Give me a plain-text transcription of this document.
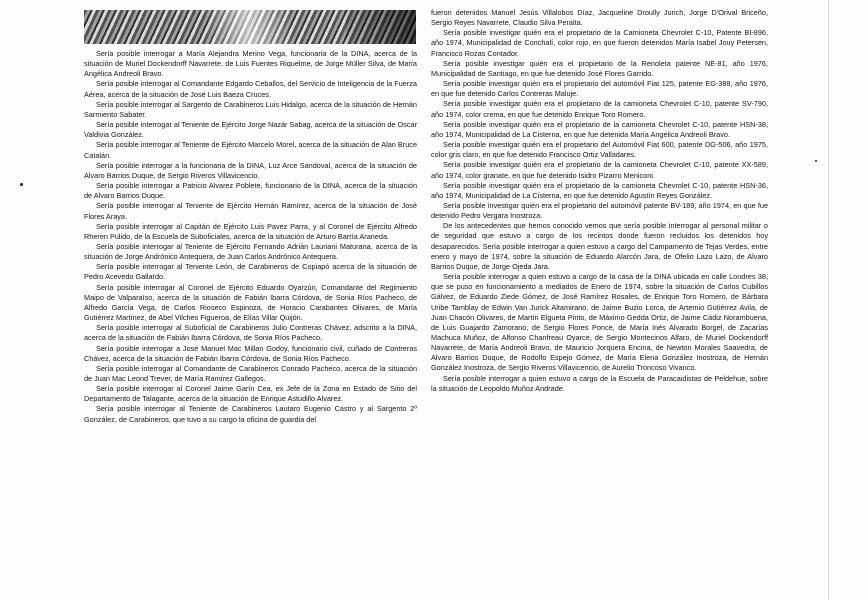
Sería posible interrogar a María Alejandra Merino Vega, funcionaria de la DINA, acerca de la situación de Muriel Dockendorff Navarrete, de Luis Fuentes Riquelme, de Jorge Müller Silva, de María Angélica Andreoli Bravo.

Sería posible interrogar al Comandante Edgardo Ceballos, del Servicio de Inteligencia de la Fuerza Aérea, acerca de la situación de José Luis Baeza Cruces.

Sería posible interrogar al Sargento de Carabineros Luis Hidalgo, acerca de la situación de Hernán Sarmiento Sabater.

Sería posible interrogar al Teniente de Ejército Jorge Nazár Sabag, acerca de la situación de Oscar Valdivia González.

Sería posible interrogar al Teniente de Ejército Marcelo Morel, acerca de la situación de Alan Bruce Catalán.

Sería posible interrogar a la funcionaria de la DINA, Luz Arce Sandoval, acerca de la situación de Alvaro Barrios Duque, de Sergio Riveros Villavicencio.

Sería posible interrogar a Patricio Alvarez Poblete, funcionario de la DINA, acerca de la situación de Alvaro Barrios Duque.

Sería posible interrogar al Teniente de Ejército Hernán Ramírez, acerca de la situación de José Flores Araya.

Sería posible interrogar al Capitán de Ejército Luis Pavez Parra, y al Coronel de Ejército Alfredo Rheren Pulido, de la Escuela de Suboficiales, acerca de la situación de Arturo Barría Araneda.

Sería posible interrogar al Teniente de Ejército Fernando Adrián Lauriani Maturana, acerca de la situación de Jorge Andrónico Antequera, de Juan Carlos Andrónico Antequera.

Sería posible interrogar al Teniente León, de Carabineros de Copiapó acerca de la situación de Pedro Acevedo Gallardo.

Sería posible interrogar al Coronel de Ejército Eduardo Oyarzún, Comandante del Regimiento Maipo de Valparaíso, acerca de la situación de Fabián Ibarra Córdova, de Sonia Ríos Pacheco, de Alfredo García Vega, de Carlos Rioseco Espinoza, de Horacio Carabantes Olivares, de María Gutiérrez Martínez, de Abel Vilches Figueroa, de Elías Villar Quijón.

Sería posible interrogar al Suboficial de Carabineros Julio Contreras Chávez, adscrito a la DINA, acerca de la situación de Fabián Ibarra Córdova, de Sonia Ríos Pacheco.

Sería posible interrogar a José Manuel Mac Millan Godoy, funcionario civil, cuñado de Contreras Chávez, acerca de la situación de Fabián Ibarra Córdova, de Sonia Ríos Pacheco.

Sería posible interrogar al Comandante de Carabineros Conrado Pacheco, acerca de la situación de Juan Mac Leond Trever, de María Ramírez Gallegos.

Sería posible interrogar al Coronel Jaime Garín Cea, ex Jefe de la Zona en Estado de Sitio del Departamento de Talagante, acerca de la situación de Enrique Astudillo Alvarez.

Sería posible interrogar al Teniente de Carabineros Lautaro Eugenio Castro y al Sargento 2º González, de Carabineros, que tuvo a su cargo la oficina de guardia del

fueron detenidos Manuel Jesús Villalobos Díaz, Jacqueline Droully Jurich, Jorge D'Orival Briceño, Sergio Reyes Navarrete, Claudio Silva Peralta.

Sería posible investigar quién era el propietario de la Camioneta Chevrolet C-10, Patente BI-896, año 1974, Municipalidad de Conchalí, color rojo, en que fueron detenidos María Isabel Jouy Petersen, Francisco Rozas Contador.

Sería posible investigar quién era el propietario de la Renoleta patente NE-81, año 1976, Municipalidad de Santiago, en que fue detenido José Flores Garrido.

Sería posible investigar quién era el propietario del automóvil Fiat 125, patente EG-388, año 1976, en que fue detenido Carlos Contreras Maluje.

Sería posible investigar quién era el propietario de la camioneta Chevrolet C-10, patente SV-790, año 1974, color crema, en que fue detenido Enrique Toro Romero.

Sería posible investigar quién era el propietario de la camioneta Chevrolet C-10, patente HSN-38, año 1974, Municipalidad de La Cisterna, en que fue detenida María Angélica Andreoli Bravo.

Sería posible investigar quién era el propietario del Automóvil Fiat 600, patente DG-506, año 1975, color gris claro, en que fue detenido Francisco Ortiz Valladares.

Sería posible investigar quién era el propietario de la camioneta Chevrolet C-10, patente XX-589, año 1974, color granate, en que fue detenido Isidro Pizarro Meniconi.

Sería posible investigar quién era el propietario de la camioneta Chevrolet C-10, patente HSN-36, año 1974, Municipalidad de La Cisterna, en que fue detenido Agustín Reyes González.

Sería posible investigar quién era el propietario del automóvil patente BV-189, año 1974, en que fue detenido Pedro Vergara Inostroza.

De los antecedentes que hemos conocido vemos que sería posible interrogar al personal militar o de seguridad que estuvo a cargo de los recintos donde fueron recluidos los detenidos hoy desaparecidos. Sería posible interrogar a quien estuvo a cargo del Campamento de Tejas Verdes, entre enero y mayo de 1974, sobre la situación de Eduardo Alarcón Jara, de Ofelio Lazo Lazo, de Alvaro Barrios Duque, de Jorge Ojeda Jara.

Sería posible interrogar a quien estuvo a cargo de la casa de la DINA ubicada en calle Londres 38, que se puso en funcionamiento a mediados de Enero de 1974, sobre la situación de Carlos Cubillos Gálvez, de Eduardo Ziede Gómez, de José Ramírez Rosales, de Enrique Toro Romero, de Bárbara Uribe Tamblay de Edwin Van Jurick Altamirano, de Jaime Buzio Lorca, de Artemio Gutiérrez Avila, de Juan Chacón Olivares, de Martín Elgueta Pinto, de Máximo Gedda Ortiz, de Jaime Cádiz Norambuena, de Luis Guajardo Zamorano, de Sergio Flores Ponce, de María Inés Alvarado Borgel, de Zacarías Machuca Muñoz, de Alfonso Chanfreau Oyarce, de Sergio Montecinos Alfaro, de Muriel Dockendorff Navarrete, de María Andreoli Bravo, de Mauricio Jorquera Encina, de Newton Morales Saavedra, de Alvaro Barrios Duque, de Rodolfo Espejo Gómez, de María Elena González Inostroza, de Hernán González Inostroza, de Sergio Riveros Villavicencio, de Aurelio Troncoso Vivanco.

Sería posible interrogar a quien estuvo a cargo de la Escuela de Paracaidistas de Peldehue, sobre la situación de Leopoldo Muñoz Andrade.
